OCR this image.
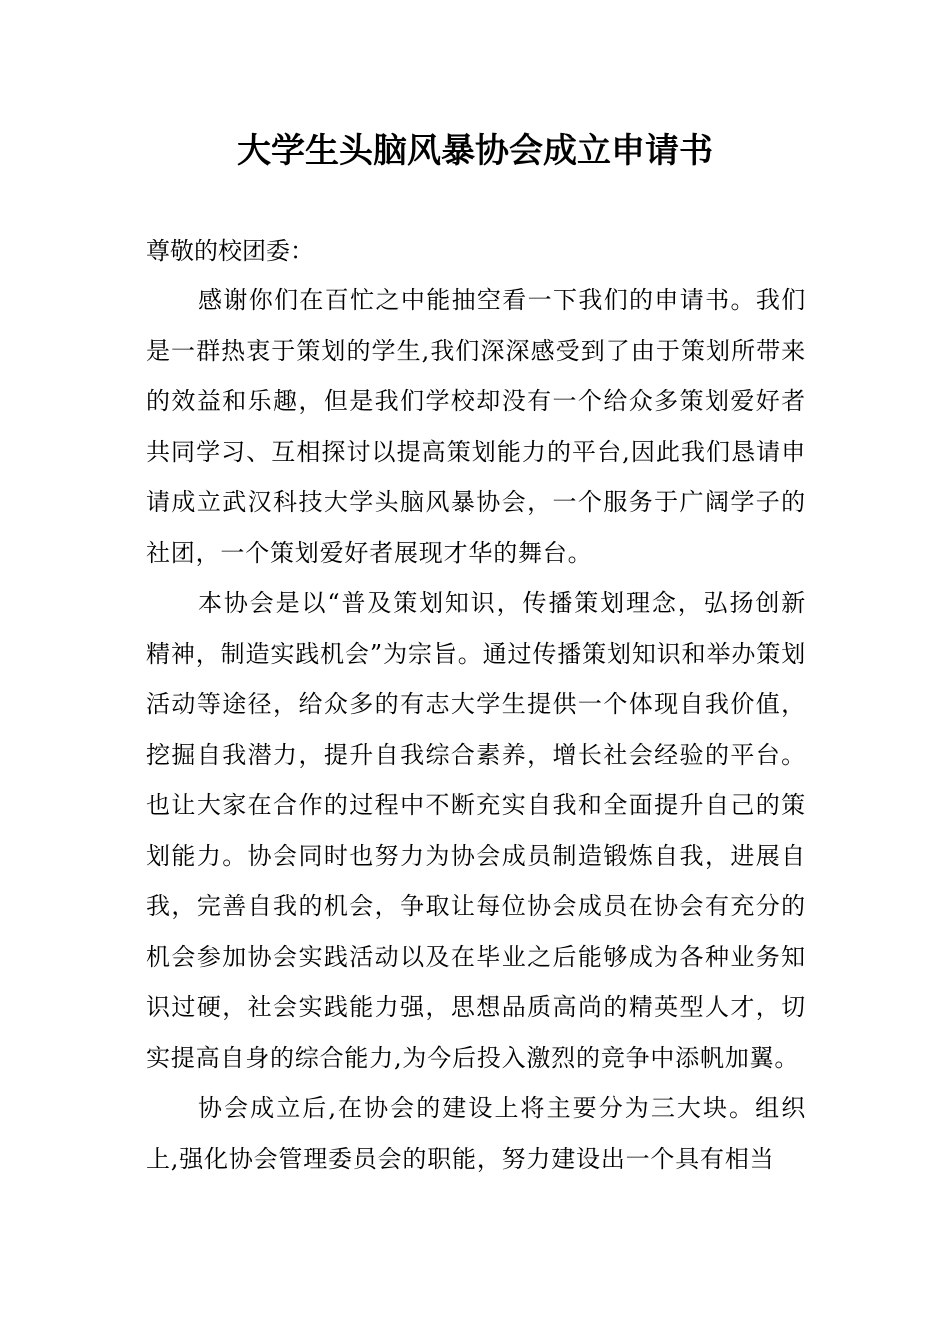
大学生头脑风暴协会成立申请书

尊敬的校团委：

感谢你们在百忙之中能抽空看一下我们的申请书。我们是一群热衷于策划的学生,我们深深感受到了由于策划所带来的效益和乐趣，但是我们学校却没有一个给众多策划爱好者共同学习、互相探讨以提高策划能力的平台,因此我们恳请申请成立武汉科技大学头脑风暴协会，一个服务于广阔学子的社团，一个策划爱好者展现才华的舞台。

本协会是以“普及策划知识，传播策划理念，弘扬创新精神，制造实践机会”为宗旨。通过传播策划知识和举办策划活动等途径，给众多的有志大学生提供一个体现自我价值，挖掘自我潜力，提升自我综合素养，增长社会经验的平台。也让大家在合作的过程中不断充实自我和全面提升自己的策划能力。协会同时也努力为协会成员制造锻炼自我，进展自我，完善自我的机会，争取让每位协会成员在协会有充分的机会参加协会实践活动以及在毕业之后能够成为各种业务知识过硬，社会实践能力强，思想品质高尚的精英型人才，切实提高自身的综合能力,为今后投入激烈的竞争中添帆加翼。

协会成立后,在协会的建设上将主要分为三大块。组织上,强化协会管理委员会的职能，努力建设出一个具有相当
